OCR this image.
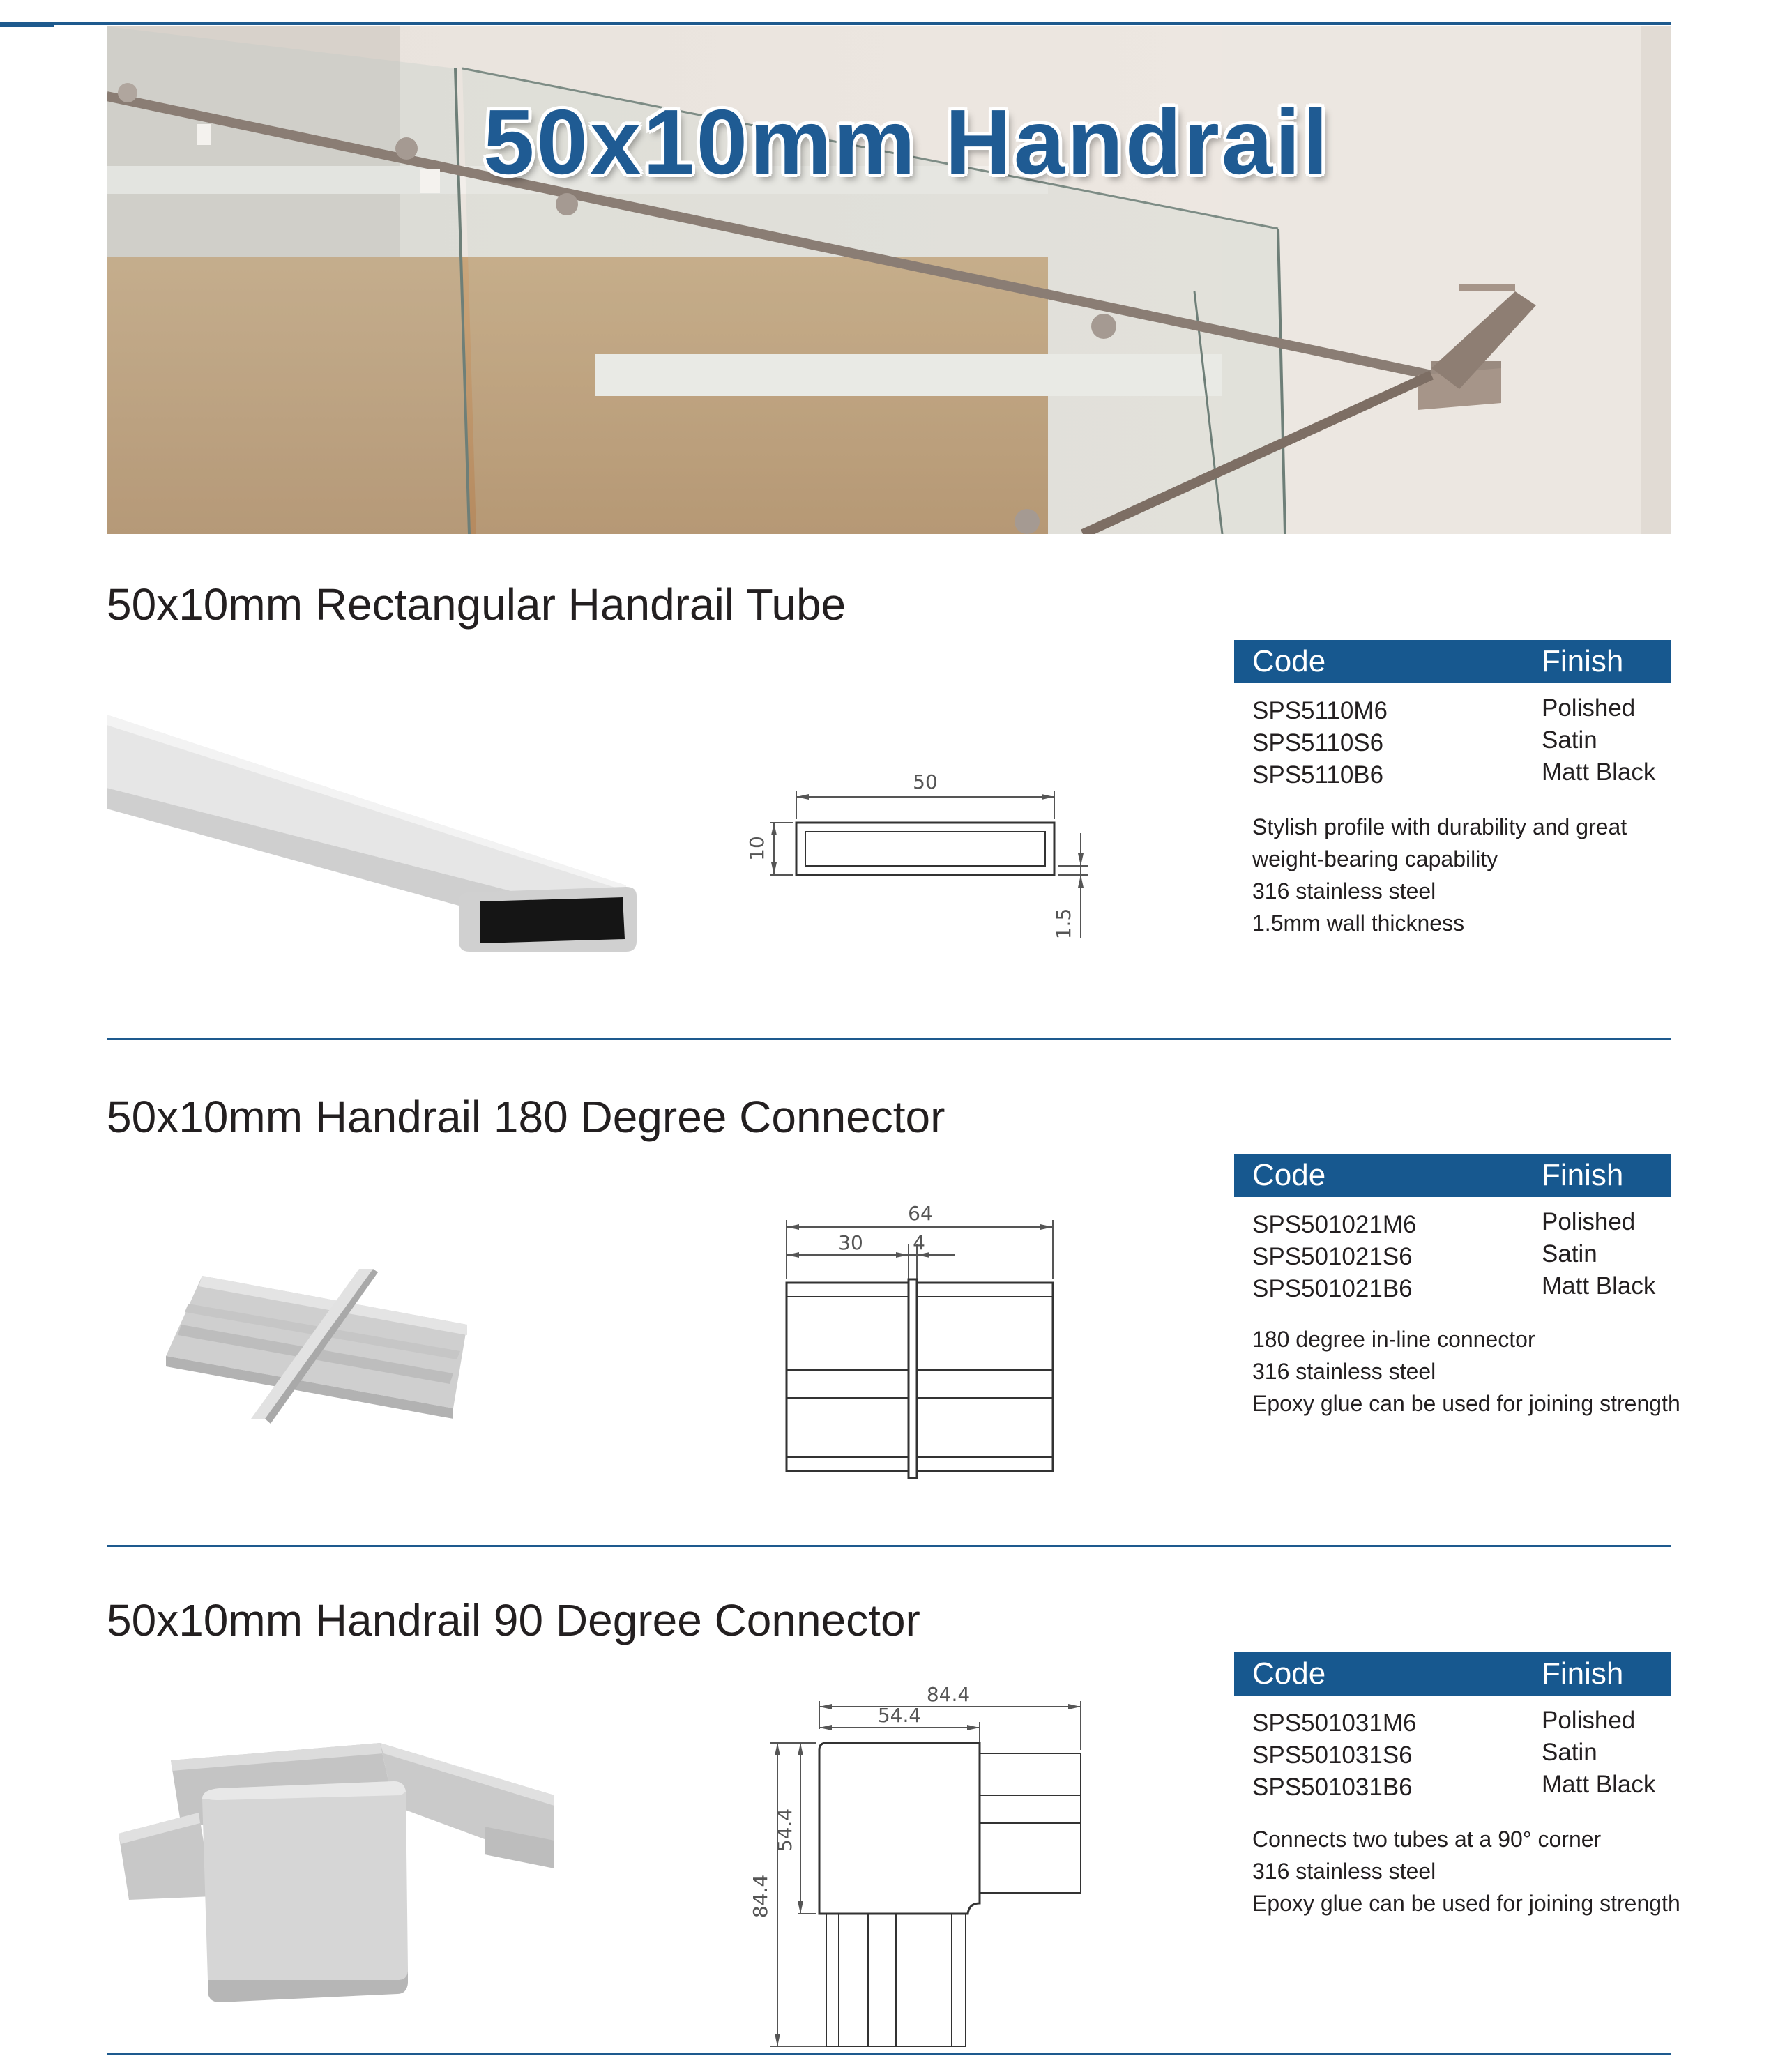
50x10mm Handrail
50x10mm Rectangular Handrail Tube
50
10
1.5
Code	Finish
SPS5110M6	Polished
SPS5110S6	Satin
SPS5110B6	Matt Black
Stylish profile with durability and great
weight-bearing capability
316 stainless steel
1.5mm wall thickness
50x10mm Handrail 180 Degree Connector
64
30	4
Code	Finish
SPS501021M6	Polished
SPS501021S6	Satin
SPS501021B6	Matt Black
180 degree in-line connector
316 stainless steel
Epoxy glue can be used for joining strength
50x10mm Handrail 90 Degree Connector
84.4
54.4
84.4
54.4
Code	Finish
SPS501031M6	Polished
SPS501031S6	Satin
SPS501031B6	Matt Black
Connects two tubes at a 90° corner
316 stainless steel
Epoxy glue can be used for joining strength
